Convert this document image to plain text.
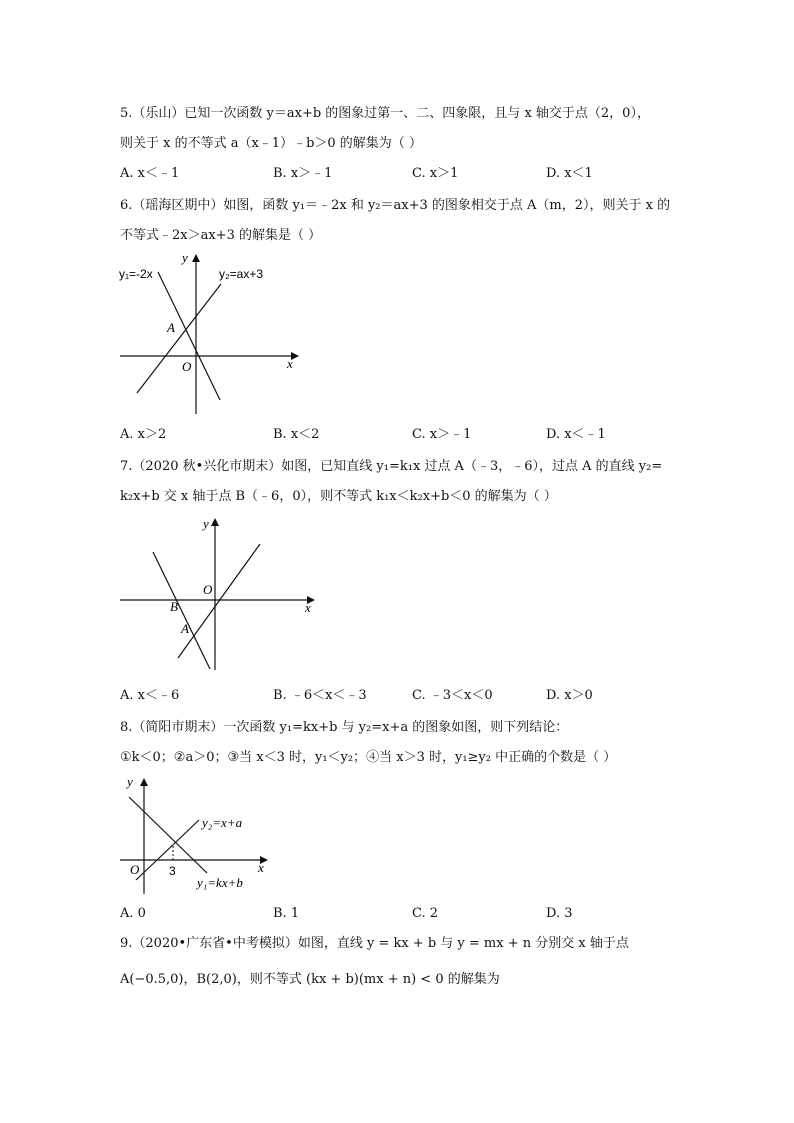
5.（乐山）已知一次函数 y＝ax+b 的图象过第一、二、四象限，且与 x 轴交于点（2，0），
则关于 x 的不等式 a（x﹣1）﹣b＞0 的解集为（ ）
A. x＜﹣1	B. x＞﹣1	C. x＞1	D. x＜1
6.（瑶海区期中）如图，函数 y₁＝﹣2x 和 y₂＝ax+3 的图象相交于点 A（m，2），则关于 x 的
不等式﹣2x＞ax+3 的解集是（ ）
y₁=-2x	y₂=ax+3
y
x
A
O
A. x＞2	B. x＜2	C. x＞﹣1	D. x＜﹣1
7.（2020 秋•兴化市期末）如图，已知直线 y₁=k₁x 过点 A（﹣3，﹣6），过点 A 的直线 y₂=
k₂x+b 交 x 轴于点 B（﹣6，0），则不等式 k₁x＜k₂x+b＜0 的解集为（ ）
y
x
O
B
A
A. x＜﹣6	B. ﹣6＜x＜﹣3	C. ﹣3＜x＜0	D. x＞0
8.（简阳市期末）一次函数 y₁=kx+b 与 y₂=x+a 的图象如图，则下列结论：
①k＜0；②a＞0；③当 x＜3 时，y₁＜y₂；④当 x＞3 时，y₁≥y₂ 中正确的个数是（ ）
y
x
O 3
y₂=x+a
y₁=kx+b
A. 0	B. 1	C. 2	D. 3
9.（2020•广东省•中考模拟）如图，直线 y = kx + b 与 y = mx + n 分别交 x 轴于点
A(−0.5,0)，B(2,0)，则不等式 (kx + b)(mx + n) < 0 的解集为
